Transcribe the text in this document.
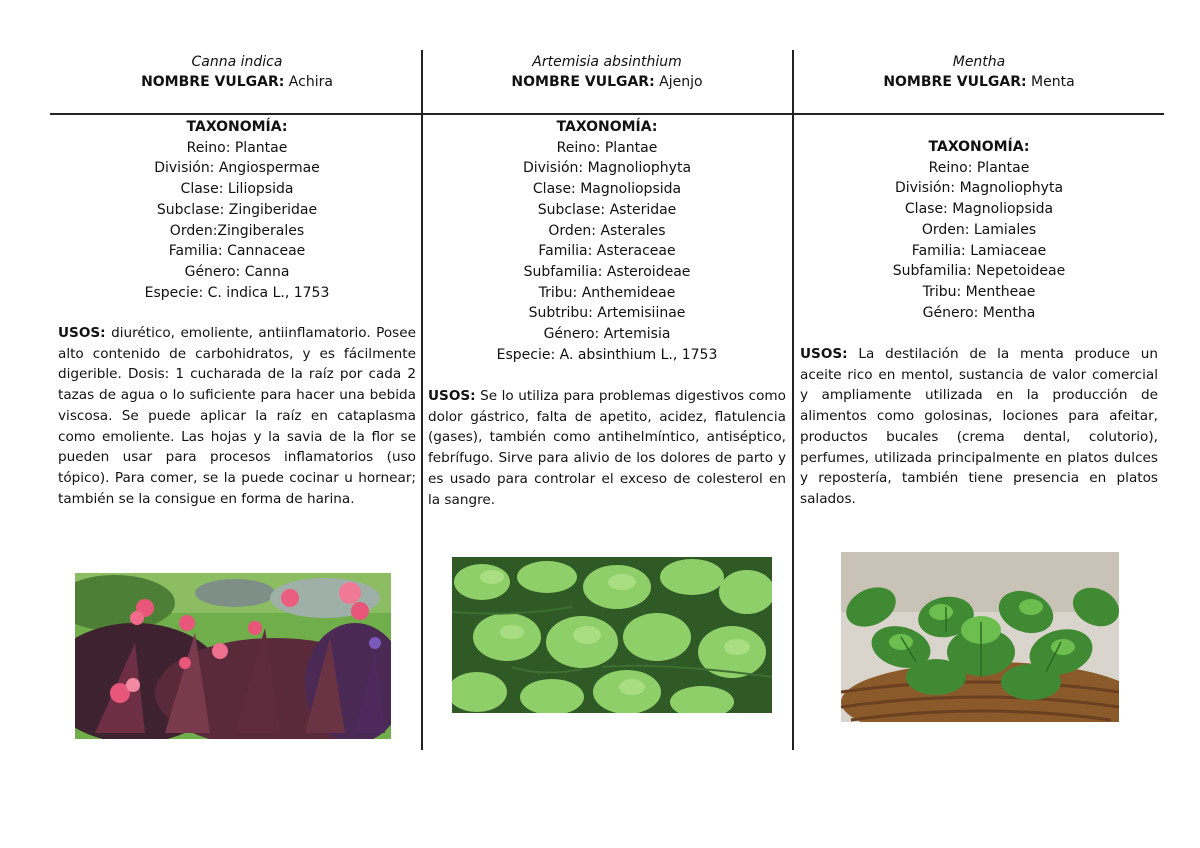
Canna indica
NOMBRE VULGAR: Achira
TAXONOMÍA:
Reino: Plantae
División: Angiospermae
Clase: Liliopsida
Subclase: Zingiberidae
Orden:Zingiberales
Familia: Cannaceae
Género: Canna
Especie: C. indica L., 1753
USOS: diurético, emoliente, antiinflamatorio. Posee alto contenido de carbohidratos, y es fácilmente digerible. Dosis: 1 cucharada de la raíz por cada 2 tazas de agua o lo suficiente para hacer una bebida viscosa. Se puede aplicar la raíz en cataplasma como emoliente. Las hojas y la savia de la flor se pueden usar para procesos inflamatorios (uso tópico). Para comer, se la puede cocinar u hornear; también se la consigue en forma de harina.
Artemisia absinthium
NOMBRE VULGAR: Ajenjo
TAXONOMÍA:
Reino: Plantae
División: Magnoliophyta
Clase: Magnoliopsida
Subclase: Asteridae
Orden: Asterales
Familia: Asteraceae
Subfamilia: Asteroideae
Tribu: Anthemideae
Subtribu: Artemisiinae
Género: Artemisia
Especie: A. absinthium L., 1753
USOS: Se lo utiliza para problemas digestivos como dolor gástrico, falta de apetito, acidez, flatulencia (gases), también como antihelmíntico, antiséptico, febrífugo. Sirve para alivio de los dolores de parto y es usado para controlar el exceso de colesterol en la sangre.
Mentha
NOMBRE VULGAR: Menta
TAXONOMÍA:
Reino: Plantae
División: Magnoliophyta
Clase: Magnoliopsida
Orden: Lamiales
Familia: Lamiaceae
Subfamilia: Nepetoideae
Tribu: Mentheae
Género: Mentha
USOS: La destilación de la menta produce un aceite rico en mentol, sustancia de valor comercial y ampliamente utilizada en la producción de alimentos como golosinas, lociones para afeitar, productos bucales (crema dental, colutorio), perfumes, utilizada principalmente en platos dulces y repostería, también tiene presencia en platos salados.
